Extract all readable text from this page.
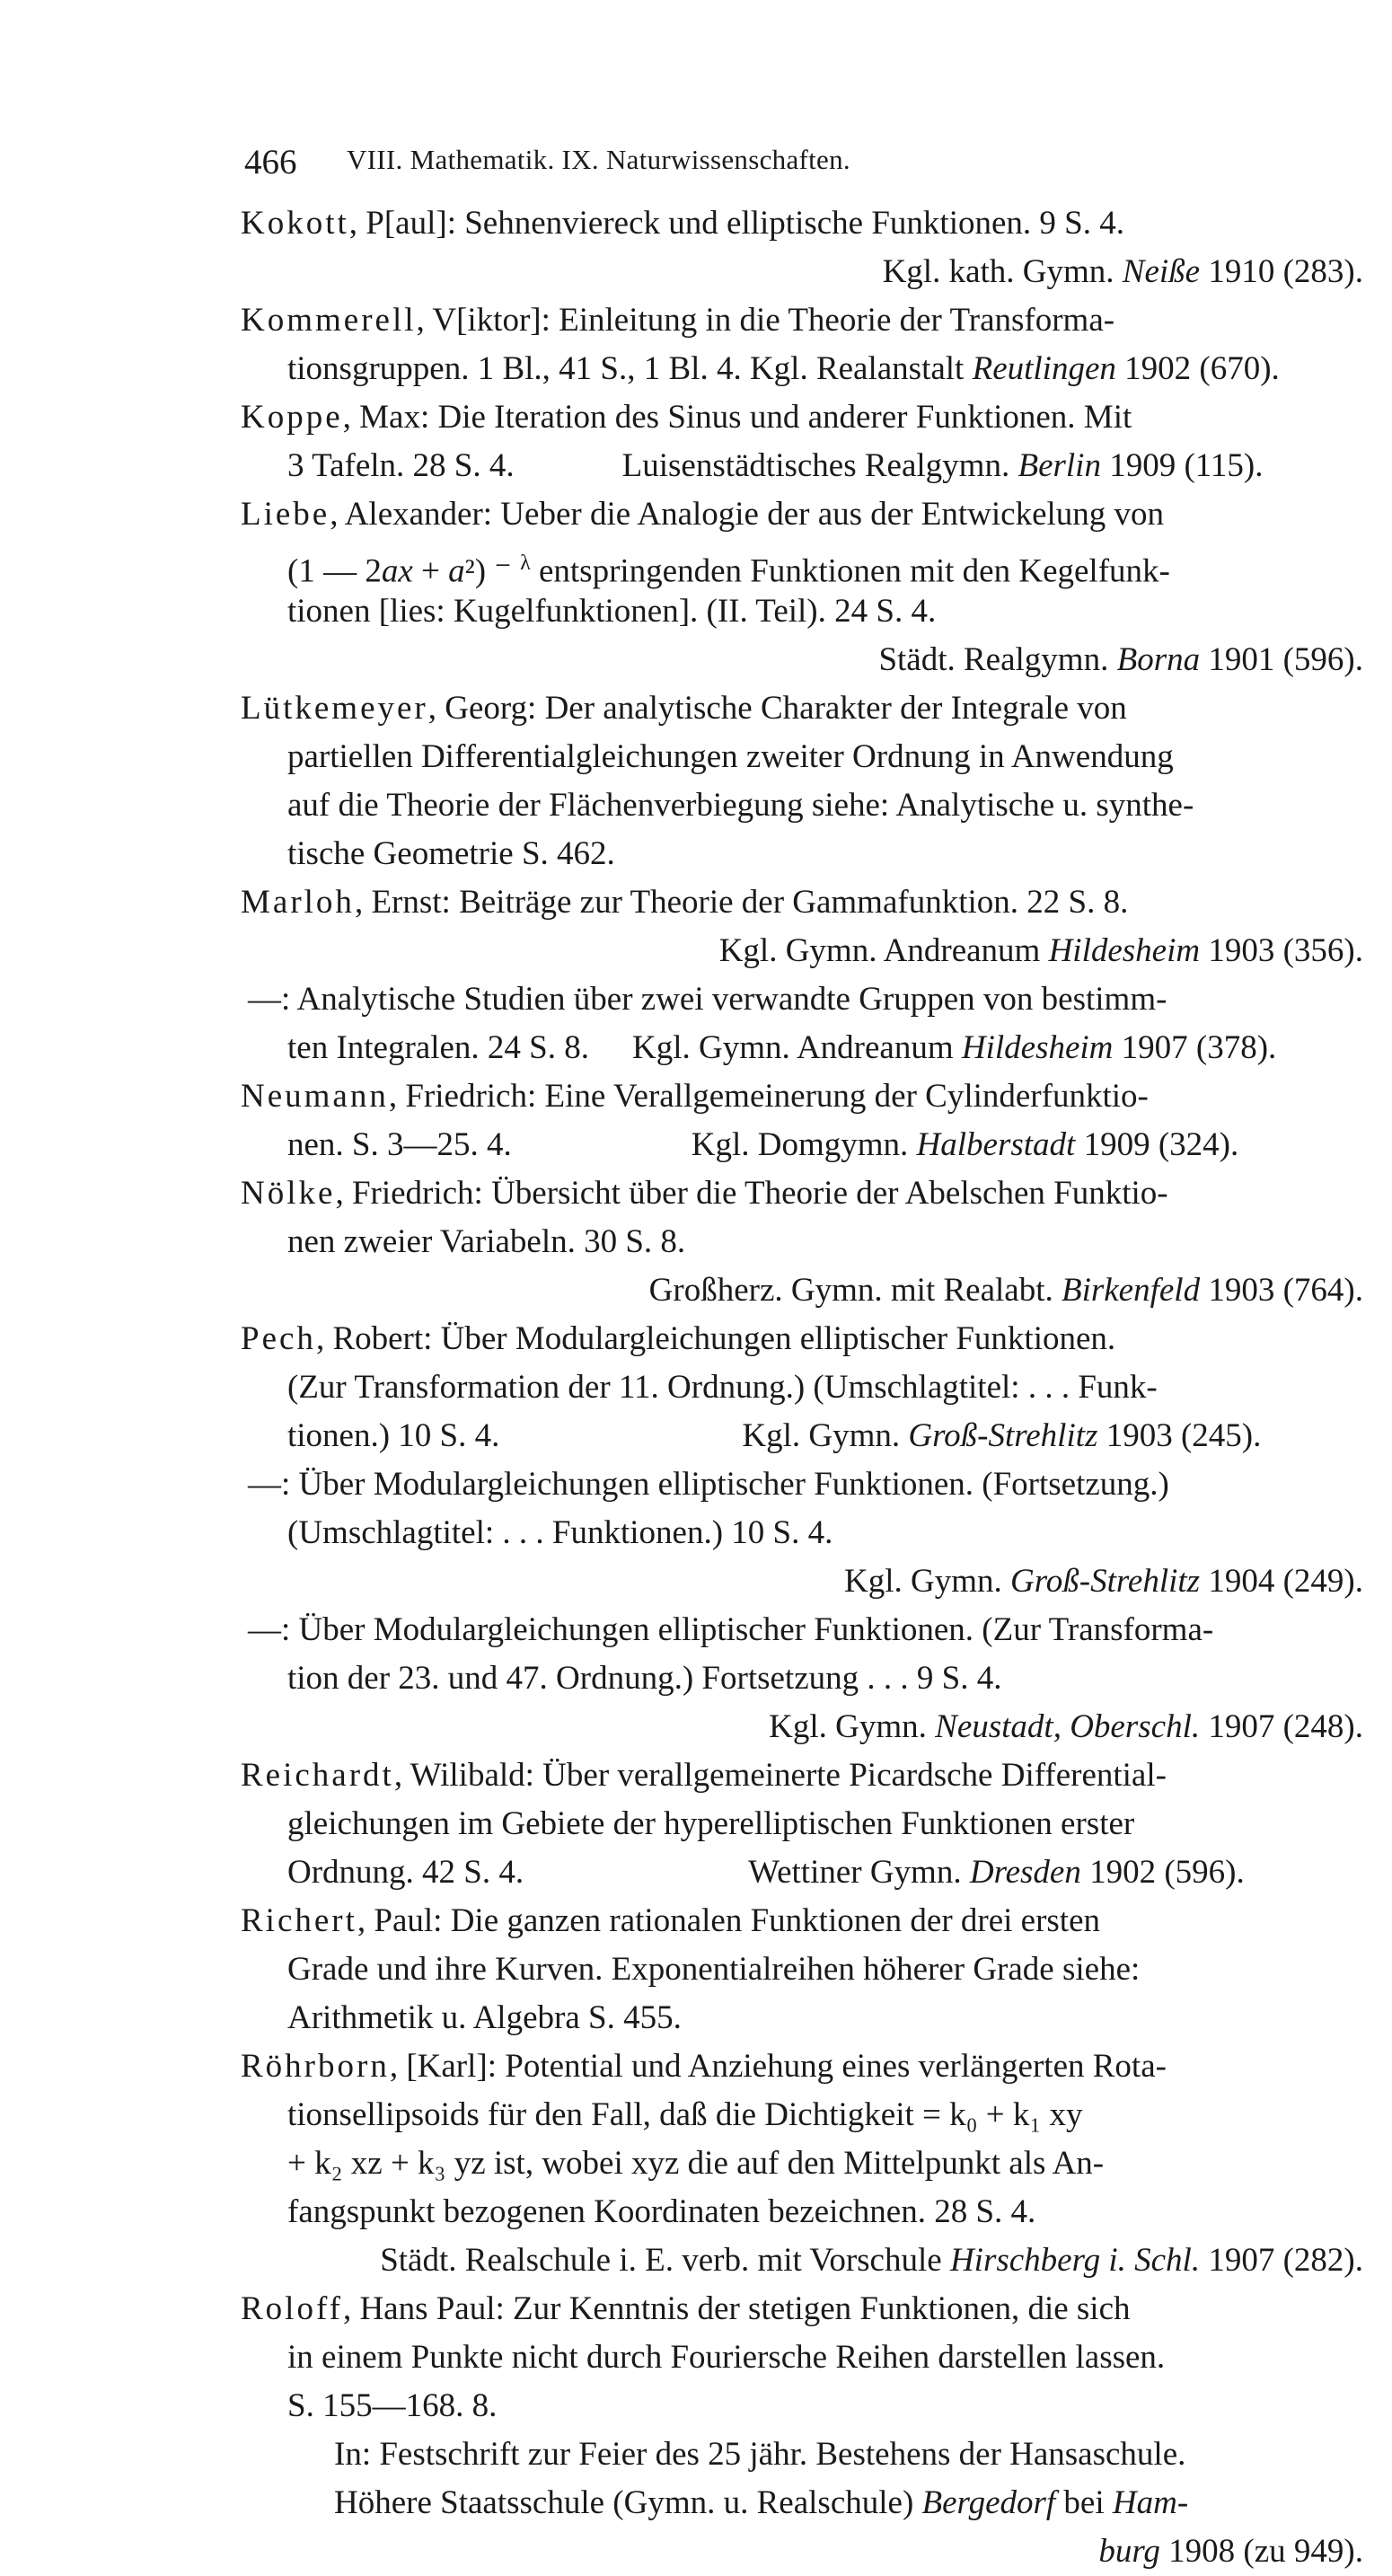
466 VIII. Mathematik. IX. Naturwissenschaften.
Kokott, P[aul]: Sehnenviereck und elliptische Funktionen. 9 S. 4.
Kgl. kath. Gymn. Neiße 1910 (283).
Kommerell, V[iktor]: Einleitung in die Theorie der Transforma-
tionsgruppen. 1 Bl., 41 S., 1 Bl. 4. Kgl. Realanstalt Reutlingen 1902 (670).
Koppe, Max: Die Iteration des Sinus und anderer Funktionen. Mit
3 Tafeln. 28 S. 4.	Luisenstädtisches Realgymn. Berlin 1909 (115).
Liebe, Alexander: Ueber die Analogie der aus der Entwickelung von
(1 — 2ax + a²) ⁻ $^\lambda$ entspringenden Funktionen mit den Kegelfunk-
tionen [lies: Kugelfunktionen]. (II. Teil). 24 S. 4.
Städt. Realgymn. Borna 1901 (596).
Lütkemeyer, Georg: Der analytische Charakter der Integrale von
partiellen Differentialgleichungen zweiter Ordnung in Anwendung
auf die Theorie der Flächenverbiegung siehe: Analytische u. synthe-
tische Geometrie S. 462.
Marloh, Ernst: Beiträge zur Theorie der Gammafunktion. 22 S. 8.
Kgl. Gymn. Andreanum Hildesheim 1903 (356).
—: Analytische Studien über zwei verwandte Gruppen von bestimm-
ten Integralen. 24 S. 8. Kgl. Gymn. Andreanum Hildesheim 1907 (378).
Neumann, Friedrich: Eine Verallgemeinerung der Cylinderfunktio-
nen. S. 3—25. 4.	Kgl. Domgymn. Halberstadt 1909 (324).
Nölke, Friedrich: Übersicht über die Theorie der Abelschen Funktio-
nen zweier Variabeln. 30 S. 8.
Großherz. Gymn. mit Realabt. Birkenfeld 1903 (764).
Pech, Robert: Über Modulargleichungen elliptischer Funktionen.
(Zur Transformation der 11. Ordnung.) (Umschlagtitel: . . . Funk-
tionen.) 10 S. 4.	Kgl. Gymn. Groß-Strehlitz 1903 (245).
—: Über Modulargleichungen elliptischer Funktionen. (Fortsetzung.)
(Umschlagtitel: . . . Funktionen.) 10 S. 4.
Kgl. Gymn. Groß-Strehlitz 1904 (249).
—: Über Modulargleichungen elliptischer Funktionen. (Zur Transforma-
tion der 23. und 47. Ordnung.) Fortsetzung . . . 9 S. 4.
Kgl. Gymn. Neustadt, Oberschl. 1907 (248).
Reichardt, Wilibald: Über verallgemeinerte Picardsche Differential-
gleichungen im Gebiete der hyperelliptischen Funktionen erster
Ordnung. 42 S. 4.	Wettiner Gymn. Dresden 1902 (596).
Richert, Paul: Die ganzen rationalen Funktionen der drei ersten
Grade und ihre Kurven. Exponentialreihen höherer Grade siehe:
Arithmetik u. Algebra S. 455.
Röhrborn, [Karl]: Potential und Anziehung eines verlängerten Rota-
tionsellipsoids für den Fall, daß die Dichtigkeit = k₀ + k₁ xy
+ k₂ xz + k₃ yz ist, wobei xyz die auf den Mittelpunkt als An-
fangspunkt bezogenen Koordinaten bezeichnen. 28 S. 4.
Städt. Realschule i. E. verb. mit Vorschule Hirschberg i. Schl. 1907 (282).
Roloff, Hans Paul: Zur Kenntnis der stetigen Funktionen, die sich
in einem Punkte nicht durch Fouriersche Reihen darstellen lassen.
S. 155—168. 8.
In: Festschrift zur Feier des 25 jähr. Bestehens der Hansaschule.
Höhere Staatsschule (Gymn. u. Realschule) Bergedorf bei Ham-
burg 1908 (zu 949).
